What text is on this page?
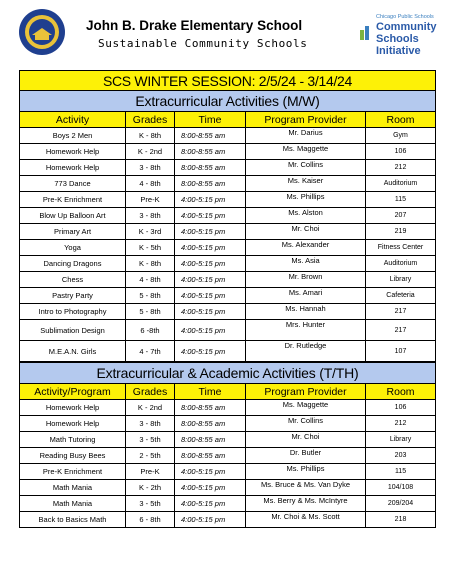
John B. Drake Elementary School
Sustainable Community Schools
Chicago Public Schools
Community
Schools
Initiative
SCS WINTER SESSION: 2/5/24 - 3/14/24				
Extracurricular Activities (M/W)				
Activity	Grades	Time	Program Provider	Room
Boys 2 Men	K - 8th	8:00-8:55 am	Mr. Darius	Gym
Homework Help	K - 2nd	8:00-8:55 am	Ms. Maggette	106
Homework Help	3 - 8th	8:00-8:55 am	Mr. Collins	212
773 Dance	4 - 8th	8:00-8:55 am	Ms. Kaiser	Auditorium
Pre-K Enrichment	Pre-K	4:00-5:15 pm	Ms. Phillips	115
Blow Up Balloon Art	3 - 8th	4:00-5:15 pm	Ms. Alston	207
Primary Art	K - 3rd	4:00-5:15 pm	Mr. Choi	219
Yoga	K - 5th	4:00-5:15 pm	Ms. Alexander	Fitness Center
Dancing Dragons	K - 8th	4:00-5:15 pm	Ms. Asia	Auditorium
Chess	4 - 8th	4:00-5:15 pm	Mr. Brown	Library
Pastry Party	5 - 8th	4:00-5:15 pm	Ms. Amari	Cafeteria
Intro to Photography	5 - 8th	4:00-5:15 pm	Ms. Hannah	217
Sublimation Design	6 -8th	4:00-5:15 pm	Mrs. Hunter	217
M.E.A.N. Girls	4 - 7th	4:00-5:15 pm	Dr. Rutledge	107
Extracurricular & Academic Activities (T/TH)				
Activity/Program	Grades	Time	Program Provider	Room
Homework Help	K - 2nd	8:00-8:55 am	Ms. Maggette	106
Homework Help	3 - 8th	8:00-8:55 am	Mr. Collins	212
Math Tutoring	3 - 5th	8:00-8:55 am	Mr. Choi	Library
Reading Busy Bees	2 - 5th	8:00-8:55 am	Dr. Butler	203
Pre-K Enrichment	Pre-K	4:00-5:15 pm	Ms. Phillips	115
Math Mania	K - 2th	4:00-5:15 pm	Ms. Bruce & Ms. Van Dyke	104/108
Math Mania	3 - 5th	4:00-5:15 pm	Ms. Berry & Ms. McIntyre	209/204
Back to Basics Math	6 - 8th	4:00-5:15 pm	Mr. Choi & Ms. Scott	218
